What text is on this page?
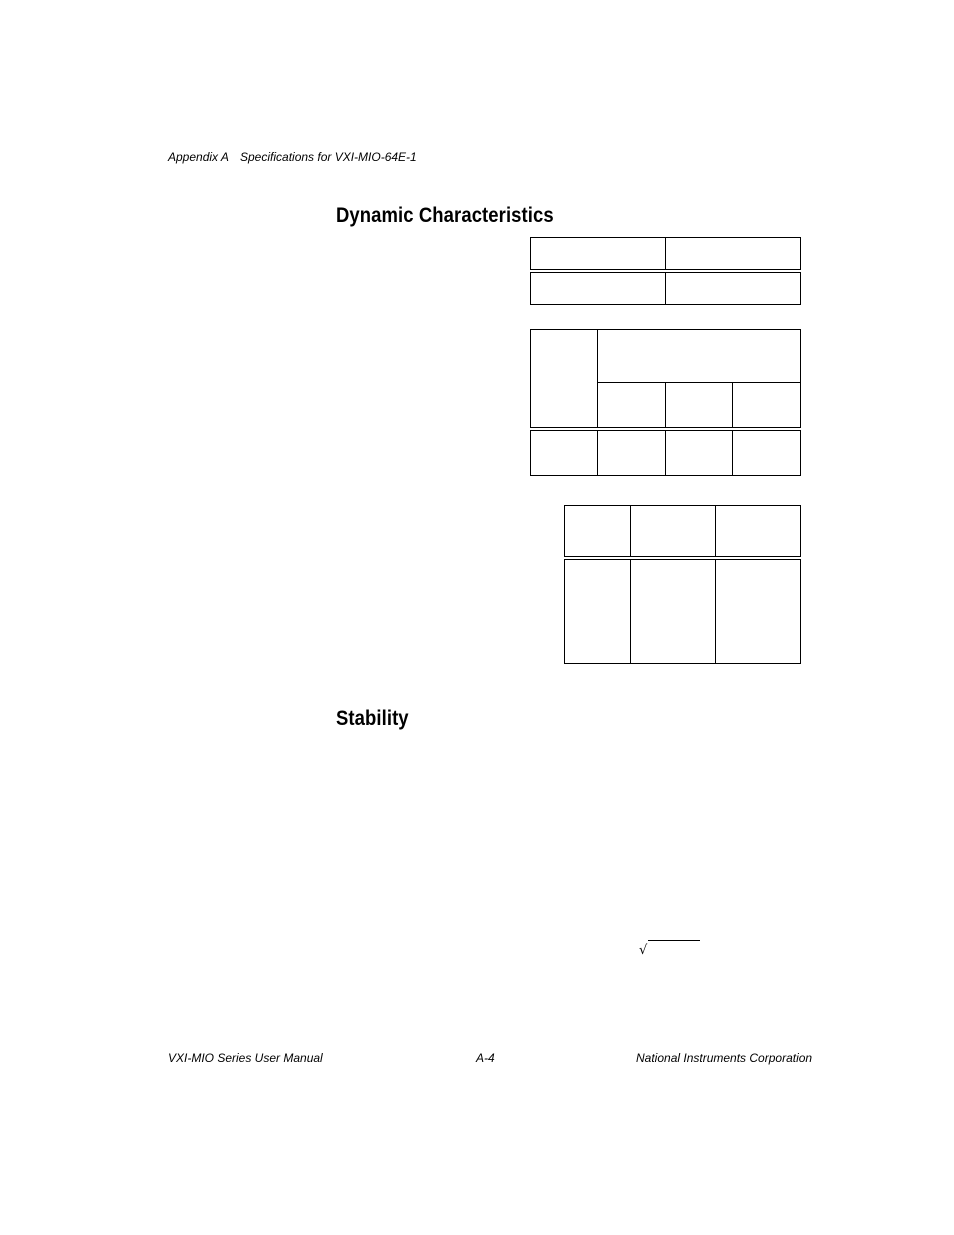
Appendix A Specifications for VXI-MIO-64E-1
Dynamic Characteristics

Stability
√
VXI-MIO Series User Manual	A-4	National Instruments Corporation
